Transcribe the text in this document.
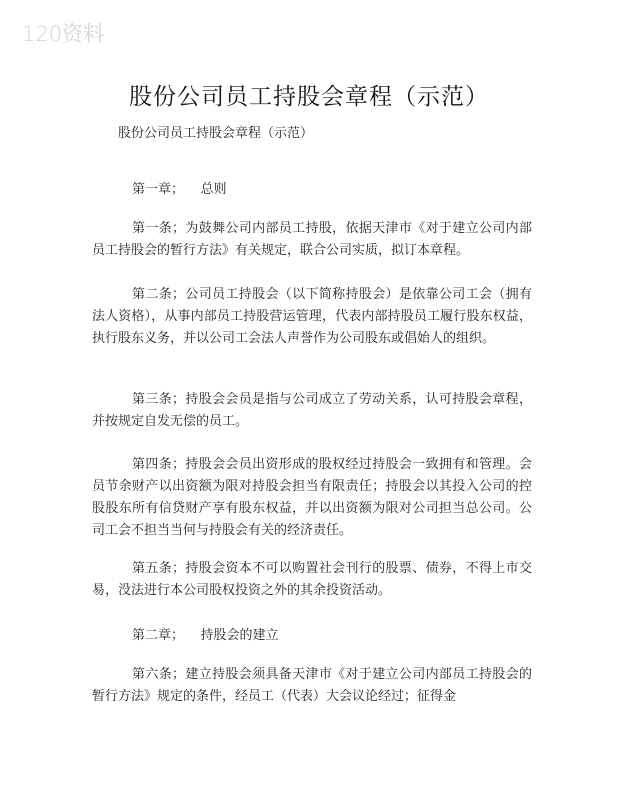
120资料
股份公司员工持股会章程（示范）
股份公司员工持股会章程（示范）
第一章； 总则

第一条；为鼓舞公司内部员工持股，依据天津市《对于建立公司内部员工持股会的暂行方法》有关规定，联合公司实质，拟订本章程。

第二条；公司员工持股会（以下简称持股会）是依靠公司工会（拥有法人资格），从事内部员工持股营运管理，代表内部持股员工履行股东权益，执行股东义务，并以公司工会法人声誉作为公司股东或倡始人的组织。

第三条；持股会会员是指与公司成立了劳动关系，认可持股会章程，并按规定自发无偿的员工。

第四条；持股会会员出资形成的股权经过持股会一致拥有和管理。会员节余财产以出资额为限对持股会担当有限责任；持股会以其投入公司的控股股东所有信贷财产享有股东权益，并以出资额为限对公司担当总公司。公司工会不担当当何与持股会有关的经济责任。

第五条；持股会资本不可以购置社会刊行的股票、债券，不得上市交易，没法进行本公司股权投资之外的其余投资活动。

第二章； 持股会的建立

第六条；建立持股会须具备天津市《对于建立公司内部员工持股会的暂行方法》规定的条件，经员工（代表）大会议论经过；征得金
